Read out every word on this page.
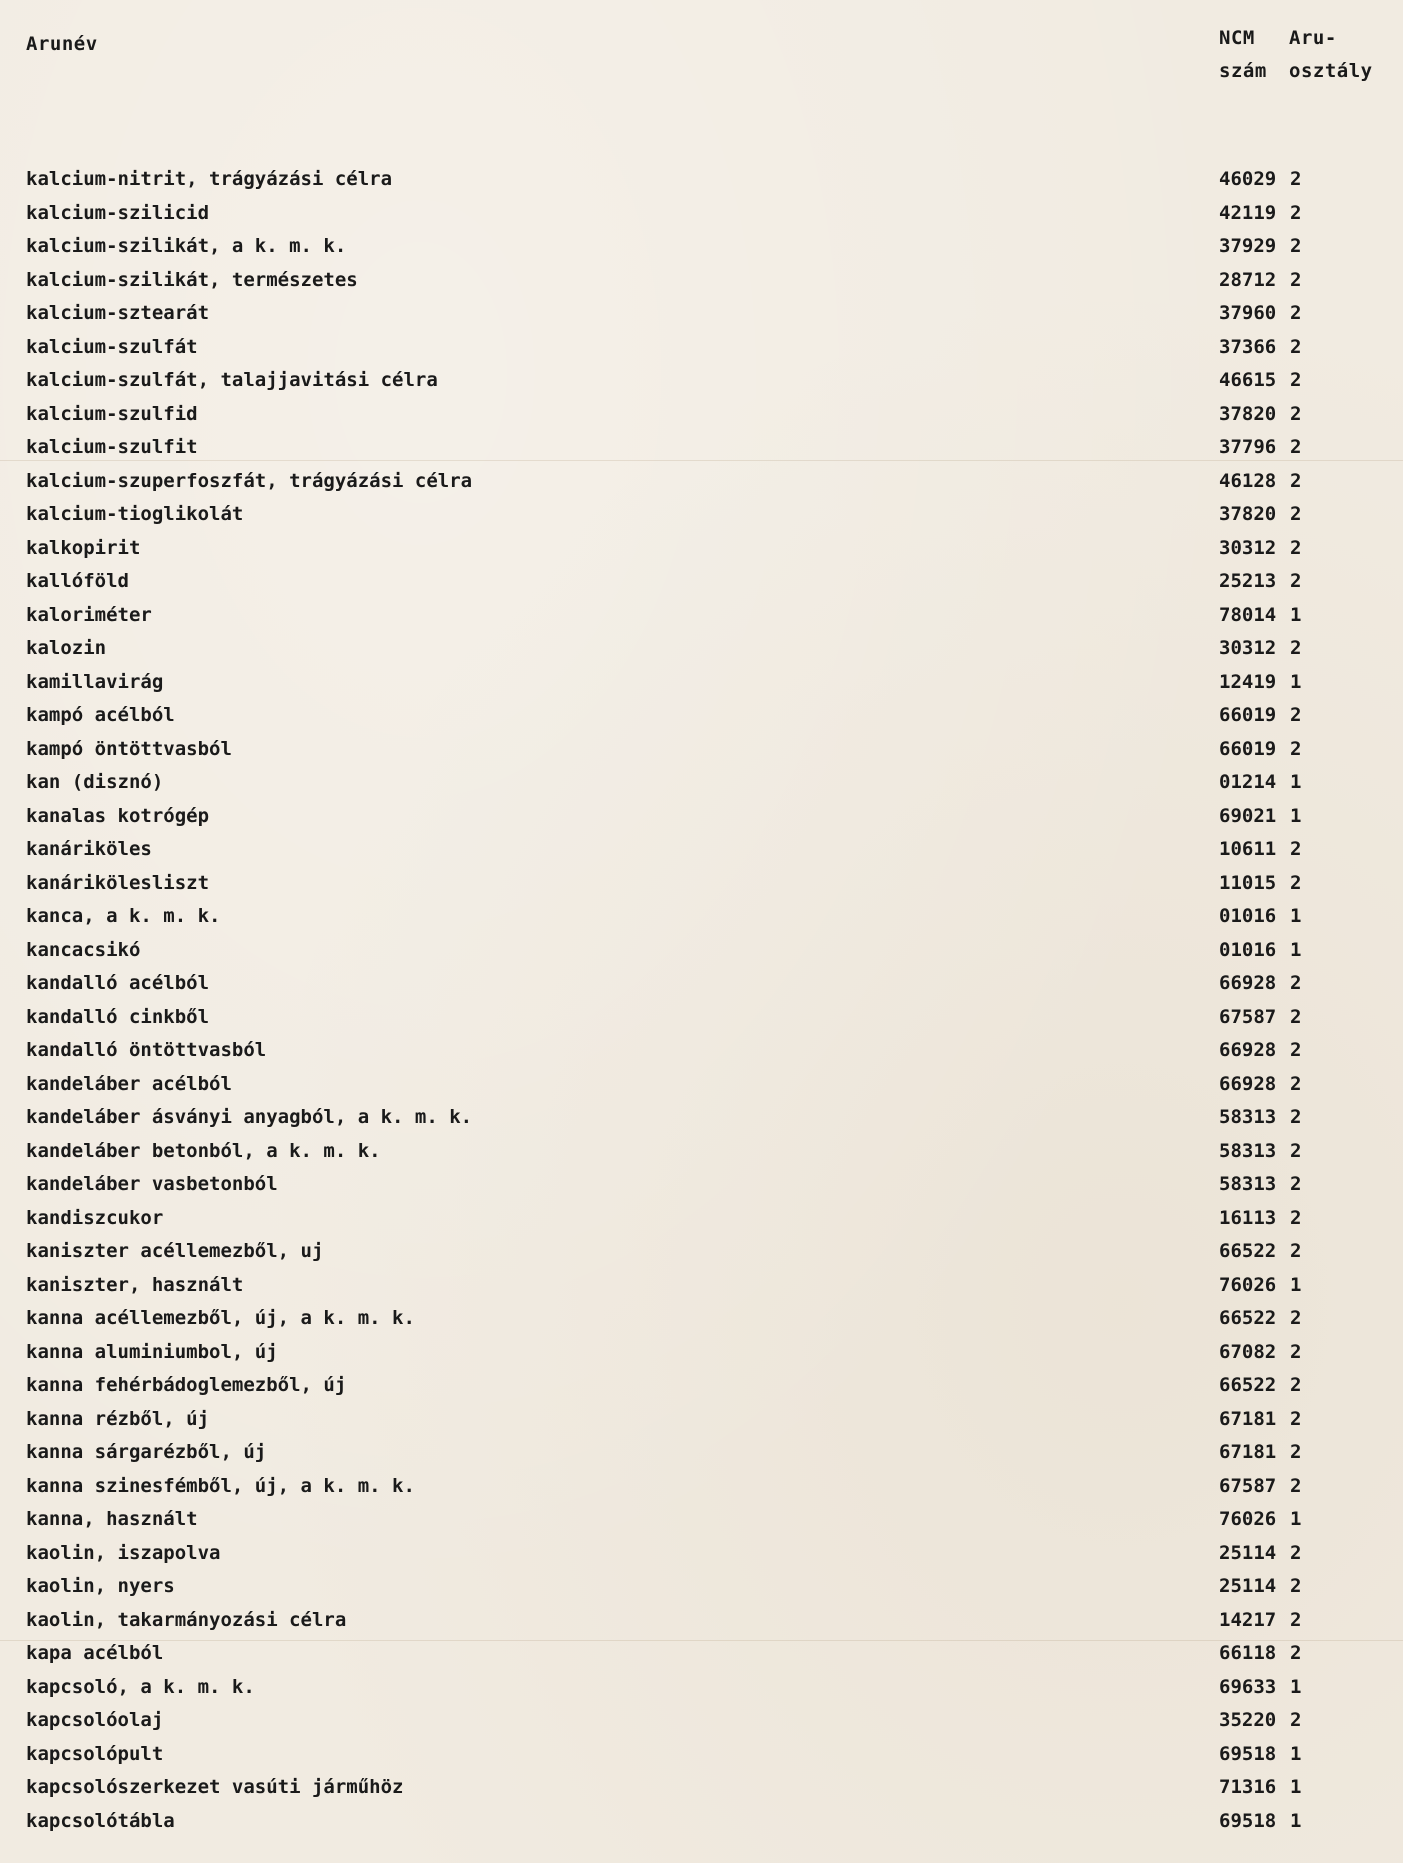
Arunév	NCM
szám
Aru-
osztály
kalcium-nitrit, trágyázási célra	46029 2
kalcium-szilicid	42119 2
kalcium-szilikát, a k. m. k.	37929 2
kalcium-szilikát, természetes	28712 2
kalcium-sztearát	37960 2
kalcium-szulfát	37366 2
kalcium-szulfát, talajjavitási célra	46615 2
kalcium-szulfid	37820 2
kalcium-szulfit	37796 2
kalcium-szuperfoszfát, trágyázási célra	46128 2
kalcium-tioglikolát	37820 2
kalkopirit	30312 2
kallóföld	25213 2
kaloriméter	78014 1
kalozin	30312 2
kamillavirág	12419 1
kampó acélból	66019 2
kampó öntöttvasból	66019 2
kan (disznó)	01214 1
kanalas kotrógép	69021 1
kanáriköles	10611 2
kanárikölesliszt	11015 2
kanca, a k. m. k.	01016 1
kancacsikó	01016 1
kandalló acélból	66928 2
kandalló cinkből	67587 2
kandalló öntöttvasból	66928 2
kandeláber acélból	66928 2
kandeláber ásványi anyagból, a k. m. k.	58313 2
kandeláber betonból, a k. m. k.	58313 2
kandeláber vasbetonból	58313 2
kandiszcukor	16113 2
kaniszter acéllemezből, uj	66522 2
kaniszter, használt	76026 1
kanna acéllemezből, új, a k. m. k.	66522 2
kanna aluminiumbol, új	67082 2
kanna fehérbádoglemezből, új	66522 2
kanna rézből, új	67181 2
kanna sárgarézből, új	67181 2
kanna szinesfémből, új, a k. m. k.	67587 2
kanna, használt	76026 1
kaolin, iszapolva	25114 2
kaolin, nyers	25114 2
kaolin, takarmányozási célra	14217 2
kapa acélból	66118 2
kapcsoló, a k. m. k.	69633 1
kapcsolóolaj	35220 2
kapcsolópult	69518 1
kapcsolószerkezet vasúti járműhöz	71316 1
kapcsolótábla	69518 1
